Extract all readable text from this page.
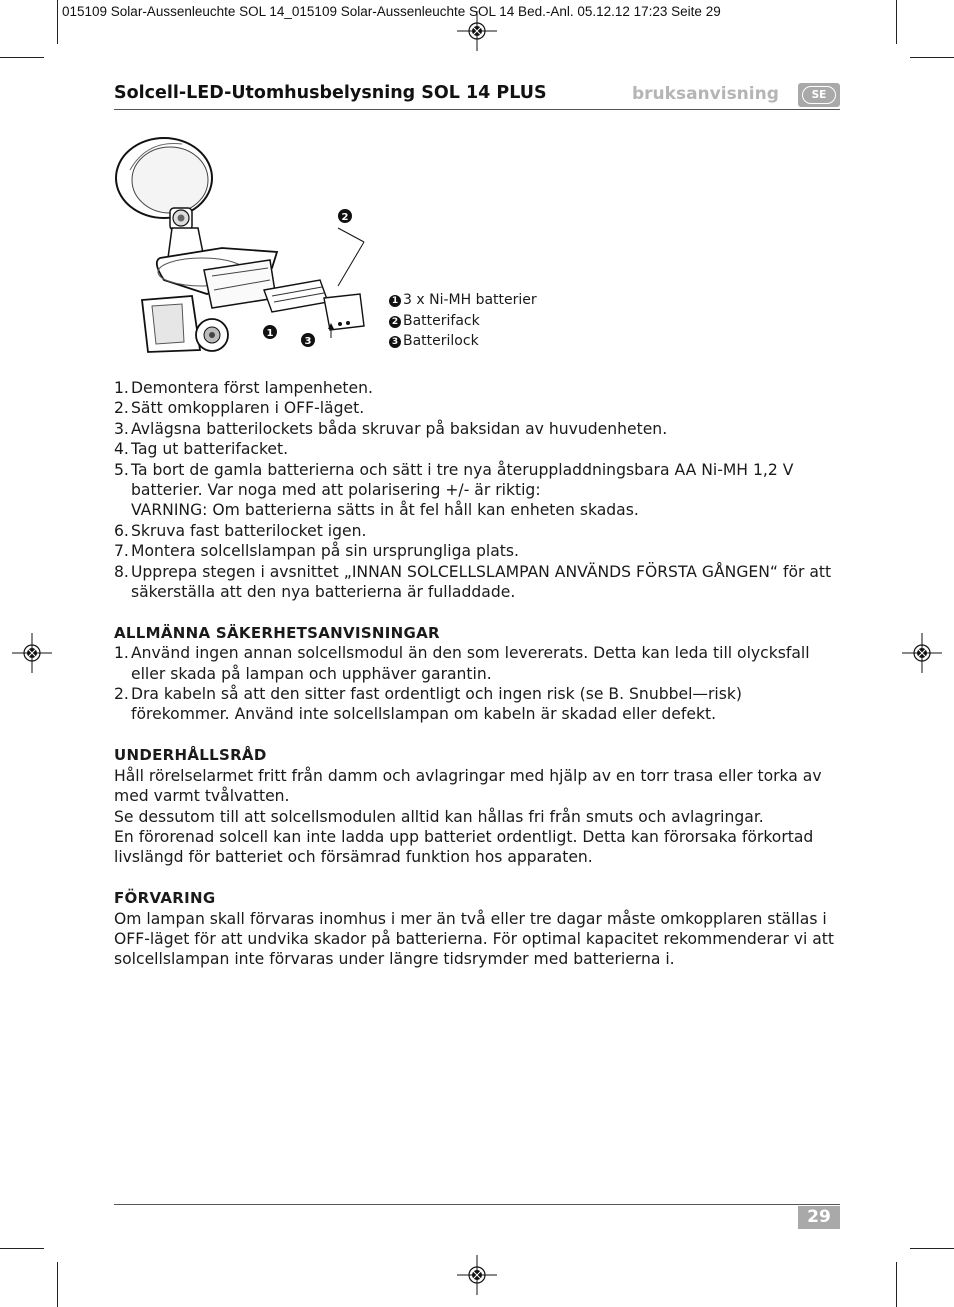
015109 Solar-Aussenleuchte SOL 14_015109 Solar-Aussenleuchte SOL 14 Bed.-Anl. 05.12.12 17:23 Seite 29
Solcell-LED-Utomhusbelysning SOL 14 PLUS	bruksanvisning	SE
2
1
3
1 3 x Ni-MH batterier
2 Batterifack
3 Batterilock
1. Demontera först lampenheten.
2. Sätt omkopplaren i OFF-läget.
3. Avlägsna batterilockets båda skruvar på baksidan av huvudenheten.
4. Tag ut batterifacket.
5. Ta bort de gamla batterierna och sätt i tre nya återuppladdningsbara AA Ni-MH 1,2 V batterier. Var noga med att polarisering +/- är riktig:
VARNING: Om batterierna sätts in åt fel håll kan enheten skadas.
6. Skruva fast batterilocket igen.
7. Montera solcellslampan på sin ursprungliga plats.
8. Upprepa stegen i avsnittet „INNAN SOLCELLSLAMPAN ANVÄNDS FÖRSTA GÅNGEN“ för att säkerställa att den nya batterierna är fulladdade.
ALLMÄNNA SÄKERHETSANVISNINGAR
1. Använd ingen annan solcellsmodul än den som levererats. Detta kan leda till olycksfall eller skada på lampan och upphäver garantin.
2. Dra kabeln så att den sitter fast ordentligt och ingen risk (se B. Snubbel—risk) förekommer. Använd inte solcellslampan om kabeln är skadad eller defekt.
UNDERHÅLLSRÅD

Håll rörelselarmet fritt från damm och avlagringar med hjälp av en torr trasa eller torka av med varmt tvålvatten.

Se dessutom till att solcellsmodulen alltid kan hållas fri från smuts och avlagringar.

En förorenad solcell kan inte ladda upp batteriet ordentligt. Detta kan förorsaka förkortad livslängd för batteriet och försämrad funktion hos apparaten.

FÖRVARING

Om lampan skall förvaras inomhus i mer än två eller tre dagar måste omkopplaren ställas i OFF-läget för att undvika skador på batterierna. För optimal kapacitet rekommenderar vi att solcellslampan inte förvaras under längre tidsrymder med batterierna i.

29
